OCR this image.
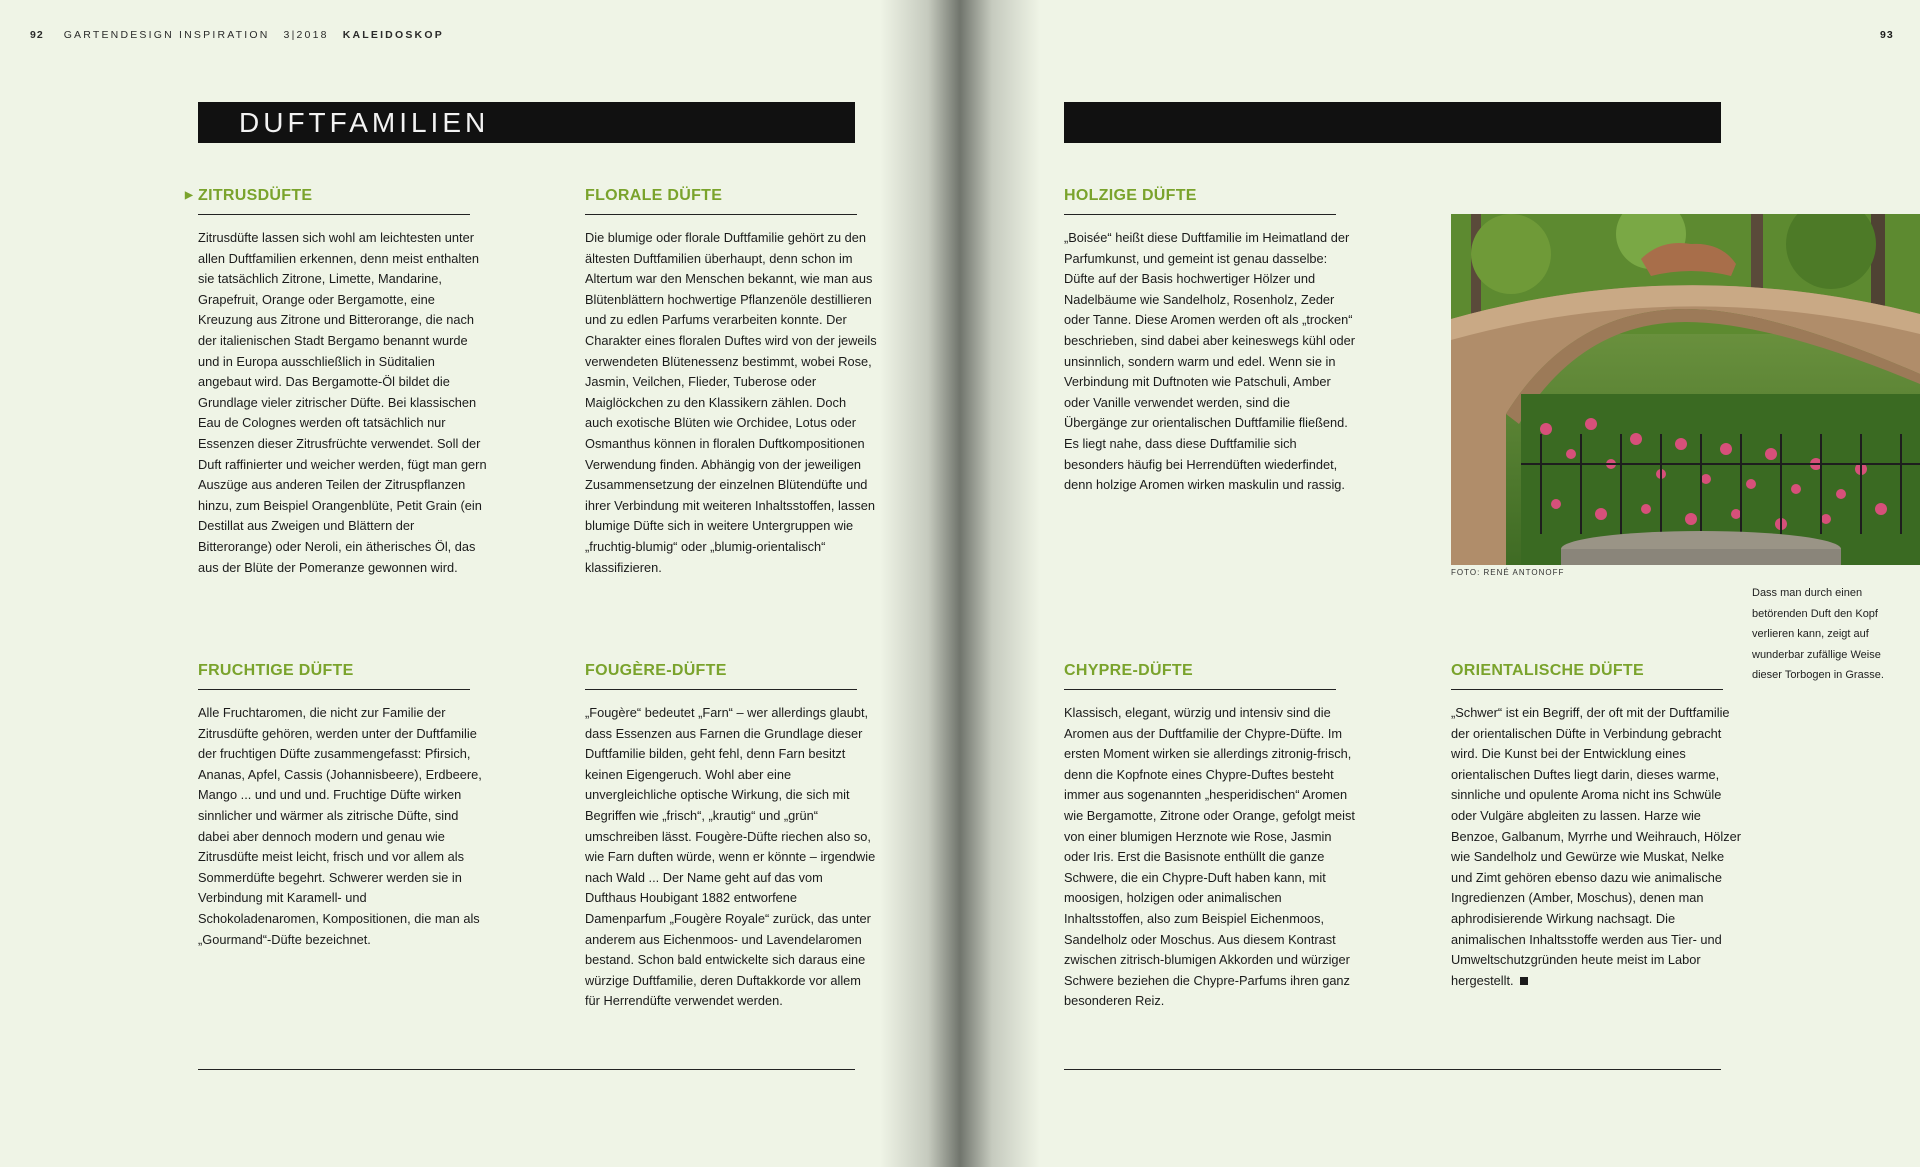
92 GARTENDESIGN INSPIRATION 3|2018 KALEIDOSKOP	93
DUFTFAMILIEN
▶ ZITRUSDÜFTE

Zitrusdüfte lassen sich wohl am leichtesten unter allen Duftfamilien erkennen, denn meist enthalten sie tatsächlich Zitrone, Limette, Mandarine, Grapefruit, Orange oder Bergamotte, eine Kreuzung aus Zitrone und Bitterorange, die nach der italienischen Stadt Bergamo benannt wurde und in Europa ausschließlich in Süditalien angebaut wird. Das Bergamotte-Öl bildet die Grundlage vieler zitrischer Düfte. Bei klassischen Eau de Colognes werden oft tatsächlich nur Essenzen dieser Zitrusfrüchte verwendet. Soll der Duft raffinierter und weicher werden, fügt man gern Auszüge aus anderen Teilen der Zitruspflanzen hinzu, zum Beispiel Orangenblüte, Petit Grain (ein Destillat aus Zweigen und Blättern der Bitterorange) oder Neroli, ein ätherisches Öl, das aus der Blüte der Pomeranze gewonnen wird.

FLORALE DÜFTE

Die blumige oder florale Duftfamilie gehört zu den ältesten Duftfamilien überhaupt, denn schon im Altertum war den Menschen bekannt, wie man aus Blütenblättern hochwertige Pflanzenöle destillieren und zu edlen Parfums verarbeiten konnte. Der Charakter eines floralen Duftes wird von der jeweils verwendeten Blütenessenz bestimmt, wobei Rose, Jasmin, Veilchen, Flieder, Tuberose oder Maiglöckchen zu den Klassikern zählen. Doch auch exotische Blüten wie Orchidee, Lotus oder Osmanthus können in floralen Duftkompositionen Verwendung finden. Abhängig von der jeweiligen Zusammensetzung der einzelnen Blütendüfte und ihrer Verbindung mit weiteren Inhaltsstoffen, lassen blumige Düfte sich in weitere Untergruppen wie „fruchtig-blumig“ oder „blumig-orientalisch“ klassifizieren.

HOLZIGE DÜFTE

„Boisée“ heißt diese Duftfamilie im Heimatland der Parfumkunst, und gemeint ist genau dasselbe: Düfte auf der Basis hochwertiger Hölzer und Nadelbäume wie Sandelholz, Rosenholz, Zeder oder Tanne. Diese Aromen werden oft als „trocken“ beschrieben, sind dabei aber keineswegs kühl oder unsinnlich, sondern warm und edel. Wenn sie in Verbindung mit Duftnoten wie Patschuli, Amber oder Vanille verwendet werden, sind die Übergänge zur orientalischen Duftfamilie fließend. Es liegt nahe, dass diese Duftfamilie sich besonders häufig bei Herrendüften wiederfindet, denn holzige Aromen wirken maskulin und rassig.

FOTO: RENÉ ANTONOFF
Dass man durch einen betörenden Duft den Kopf verlieren kann, zeigt auf wunderbar zufällige Weise dieser Torbogen in Grasse.
FRUCHTIGE DÜFTE

Alle Fruchtaromen, die nicht zur Familie der Zitrusdüfte gehören, werden unter der Duftfamilie der fruchtigen Düfte zusammengefasst: Pfirsich, Ananas, Apfel, Cassis (Johannisbeere), Erdbeere, Mango ... und und und. Fruchtige Düfte wirken sinnlicher und wärmer als zitrische Düfte, sind dabei aber dennoch modern und genau wie Zitrusdüfte meist leicht, frisch und vor allem als Sommerdüfte begehrt. Schwerer werden sie in Verbindung mit Karamell- und Schokoladenaromen, Kompositionen, die man als „Gourmand“-Düfte bezeichnet.

FOUGÈRE-DÜFTE

„Fougère“ bedeutet „Farn“ – wer allerdings glaubt, dass Essenzen aus Farnen die Grundlage dieser Duftfamilie bilden, geht fehl, denn Farn besitzt keinen Eigengeruch. Wohl aber eine unvergleichliche optische Wirkung, die sich mit Begriffen wie „frisch“, „krautig“ und „grün“ umschreiben lässt. Fougère-Düfte riechen also so, wie Farn duften würde, wenn er könnte – irgendwie nach Wald ... Der Name geht auf das vom Dufthaus Houbigant 1882 entworfene Damenparfum „Fougère Royale“ zurück, das unter anderem aus Eichenmoos- und Lavendelaromen bestand. Schon bald entwickelte sich daraus eine würzige Duftfamilie, deren Duftakkorde vor allem für Herrendüfte verwendet werden.

CHYPRE-DÜFTE

Klassisch, elegant, würzig und intensiv sind die Aromen aus der Duftfamilie der Chypre-Düfte. Im ersten Moment wirken sie allerdings zitronig-frisch, denn die Kopfnote eines Chypre-Duftes besteht immer aus sogenannten „hesperidischen“ Aromen wie Bergamotte, Zitrone oder Orange, gefolgt meist von einer blumigen Herznote wie Rose, Jasmin oder Iris. Erst die Basisnote enthüllt die ganze Schwere, die ein Chypre-Duft haben kann, mit moosigen, holzigen oder animalischen Inhaltsstoffen, also zum Beispiel Eichenmoos, Sandelholz oder Moschus. Aus diesem Kontrast zwischen zitrisch-blumigen Akkorden und würziger Schwere beziehen die Chypre-Parfums ihren ganz besonderen Reiz.

ORIENTALISCHE DÜFTE

„Schwer“ ist ein Begriff, der oft mit der Duftfamilie der orientalischen Düfte in Verbindung gebracht wird. Die Kunst bei der Entwicklung eines orientalischen Duftes liegt darin, dieses warme, sinnliche und opulente Aroma nicht ins Schwüle oder Vulgäre abgleiten zu lassen. Harze wie Benzoe, Galbanum, Myrrhe und Weihrauch, Hölzer wie Sandelholz und Gewürze wie Muskat, Nelke und Zimt gehören ebenso dazu wie animalische Ingredienzen (Amber, Moschus), denen man aphrodisierende Wirkung nachsagt. Die animalischen Inhaltsstoffe werden aus Tier- und Umweltschutzgründen heute meist im Labor hergestellt.
